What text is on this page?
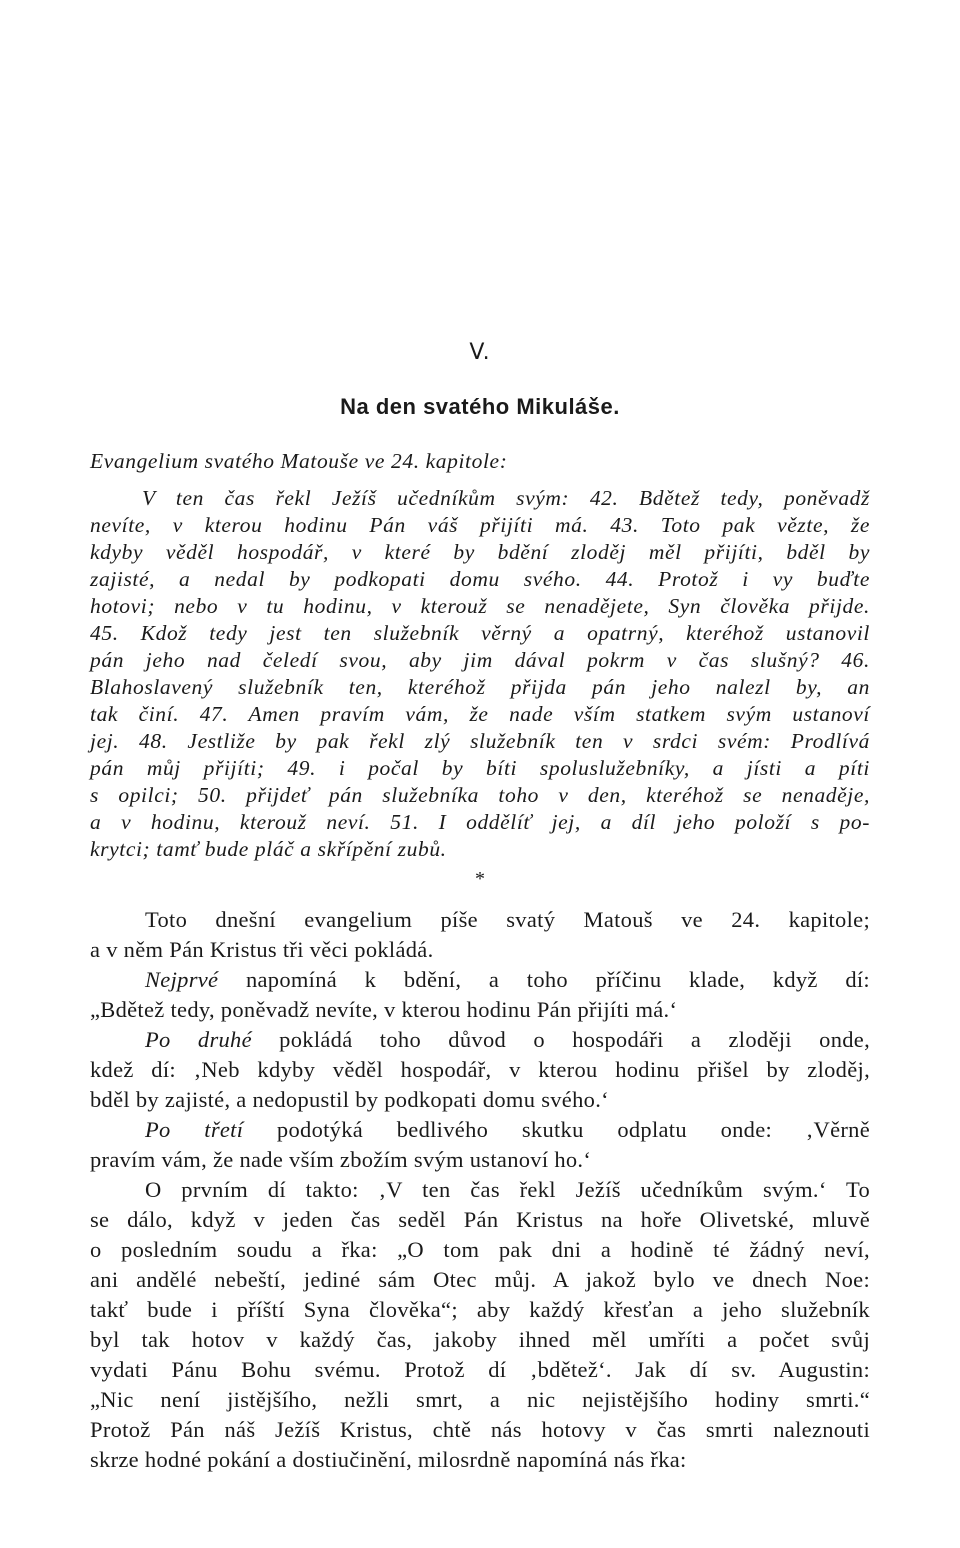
V.
Na den svatého Mikuláše.
Evangelium svatého Matouše ve 24. kapitole:
V ten čas řekl Ježíš učedníkům svým: 42. Bdětež tedy, poněvadž
nevíte, v kterou hodinu Pán váš přijíti má. 43. Toto pak vězte, že
kdyby věděl hospodář, v které by bdění zloděj měl přijíti, bděl by
zajisté, a nedal by podkopati domu svého. 44. Protož i vy buďte
hotovi; nebo v tu hodinu, v kterouž se nenadějete, Syn člověka přijde.
45. Kdož tedy jest ten služebník věrný a opatrný, kteréhož ustanovil
pán jeho nad čeledí svou, aby jim dával pokrm v čas slušný? 46.
Blahoslavený služebník ten, kteréhož přijda pán jeho nalezl by, an
tak činí. 47. Amen pravím vám, že nade vším statkem svým ustanoví
jej. 48. Jestliže by pak řekl zlý služebník ten v srdci svém: Prodlívá
pán můj přijíti; 49. i počal by bíti spoluslužebníky, a jísti a píti
s opilci; 50. přijdeť pán služebníka toho v den, kteréhož se nenaděje,
a v hodinu, kterouž neví. 51. I oddělíť jej, a díl jeho položí s po-
krytci; tamť bude pláč a skřípění zubů.
*
Toto dnešní evangelium píše svatý Matouš ve 24. kapitole;
a v něm Pán Kristus tři věci pokládá.
Nejprvé napomíná k bdění, a toho příčinu klade, když dí:
„Bdětež tedy, poněvadž nevíte, v kterou hodinu Pán přijíti má.‘
Po druhé pokládá toho důvod o hospodáři a zloději onde,
kdež dí: ‚Neb kdyby věděl hospodář, v kterou hodinu přišel by zloděj,
bděl by zajisté, a nedopustil by podkopati domu svého.‘
Po třetí podotýká bedlivého skutku odplatu onde: ‚Věrně
pravím vám, že nade vším zbožím svým ustanoví ho.‘
O prvním dí takto: ‚V ten čas řekl Ježíš učedníkům svým.‘ To
se dálo, když v jeden čas seděl Pán Kristus na hoře Olivetské, mluvě
o posledním soudu a řka: „O tom pak dni a hodině té žádný neví,
ani andělé nebeští, jediné sám Otec můj. A jakož bylo ve dnech Noe:
takť bude i příští Syna člověka“; aby každý křesťan a jeho služebník
byl tak hotov v každý čas, jakoby ihned měl umříti a počet svůj
vydati Pánu Bohu svému. Protož dí ‚bdětež‘. Jak dí sv. Augustin:
„Nic není jistějšího, nežli smrt, a nic nejistějšího hodiny smrti.“
Protož Pán náš Ježíš Kristus, chtě nás hotovy v čas smrti naleznouti
skrze hodné pokání a dostiučinění, milosrdně napomíná nás řka:
